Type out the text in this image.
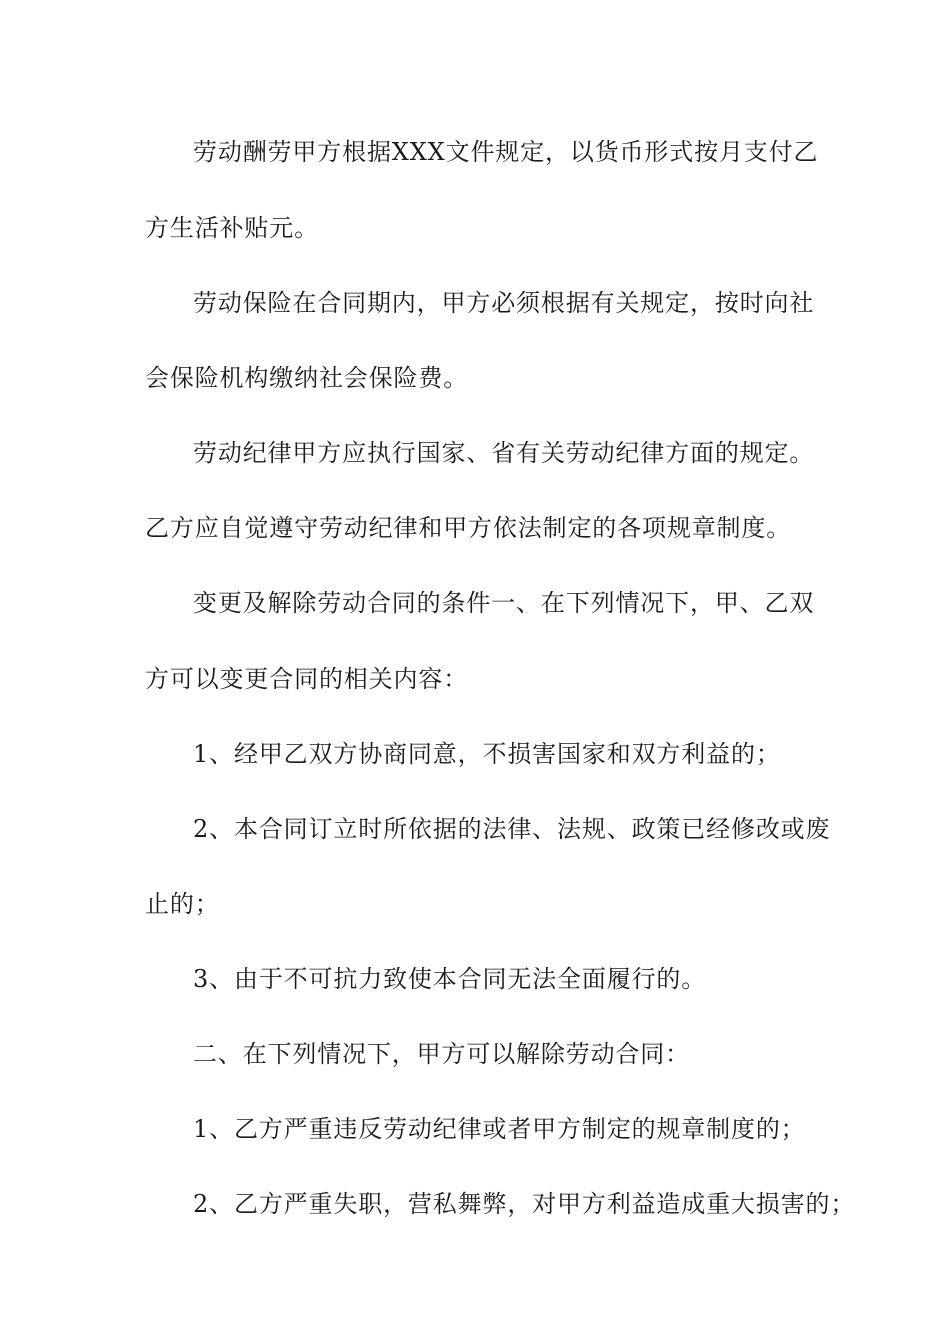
劳动酬劳甲方根据XXX文件规定，以货币形式按月支付乙
方生活补贴元。
劳动保险在合同期内，甲方必须根据有关规定，按时向社
会保险机构缴纳社会保险费。
劳动纪律甲方应执行国家、省有关劳动纪律方面的规定。
乙方应自觉遵守劳动纪律和甲方依法制定的各项规章制度。
变更及解除劳动合同的条件一、在下列情况下，甲、乙双
方可以变更合同的相关内容：
1、经甲乙双方协商同意，不损害国家和双方利益的；
2、本合同订立时所依据的法律、法规、政策已经修改或废
止的；
3、由于不可抗力致使本合同无法全面履行的。
二、在下列情况下，甲方可以解除劳动合同：
1、乙方严重违反劳动纪律或者甲方制定的规章制度的；
2、乙方严重失职，营私舞弊，对甲方利益造成重大损害的；
